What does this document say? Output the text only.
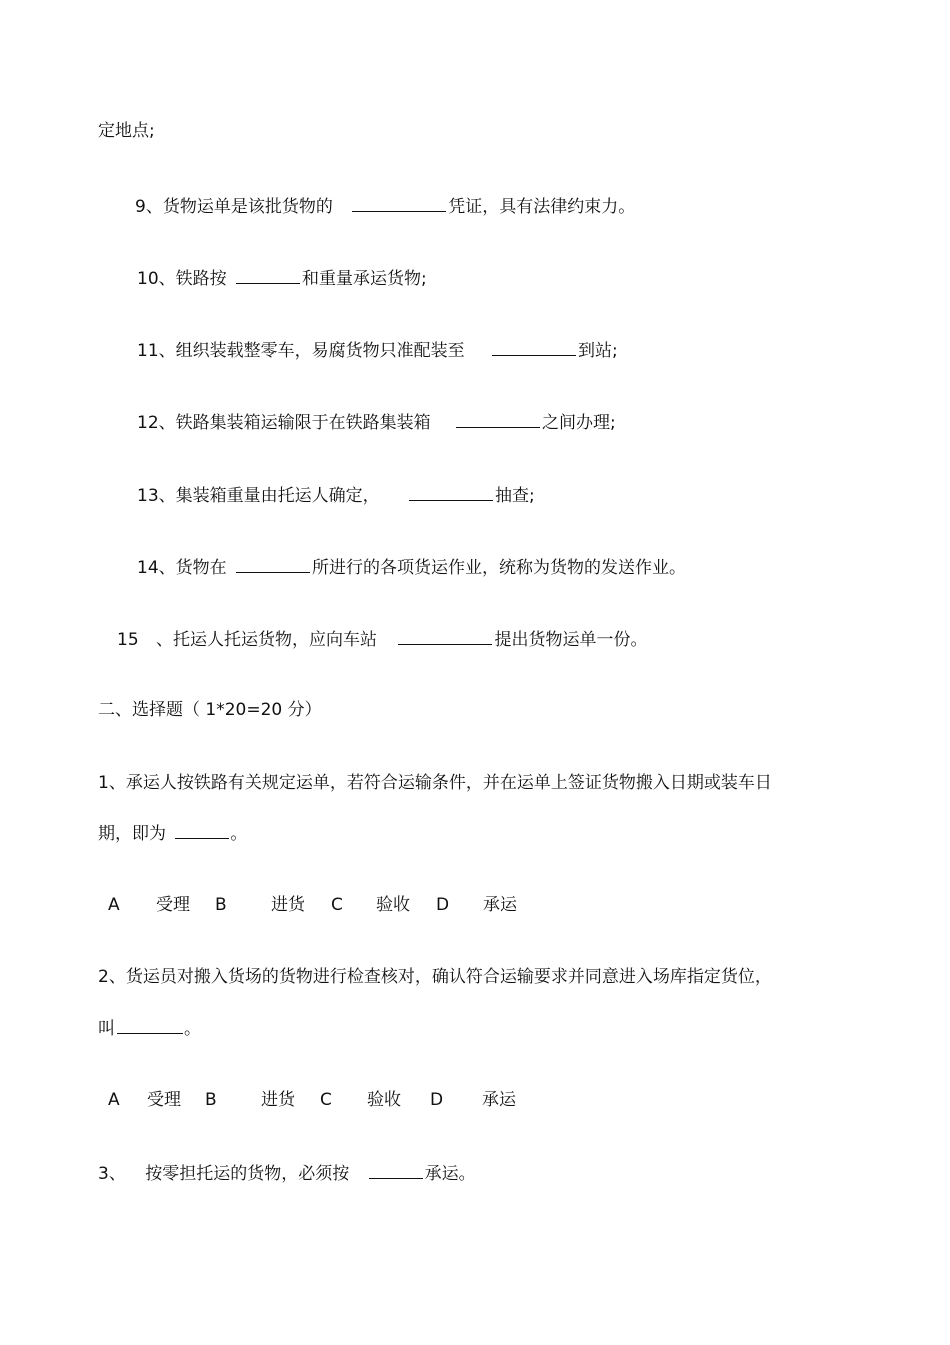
定地点;
9、货物运单是该批货物的	凭证，具有法律约束力。
10、铁路按	和重量承运货物;
11、组织装载整零车，易腐货物只准配装至	到站;
12、铁路集装箱运输限于在铁路集装箱	之间办理;
13、集装箱重量由托运人确定，	抽查;
14、货物在	所进行的各项货运作业，统称为货物的发送作业。
15 、托运人托运货物，应向车站	提出货物运单一份。
二、选择题（ 1*20=20 分）
1、承运人按铁路有关规定运单，若符合运输条件，并在运单上签证货物搬入日期或装车日
期，即为	。
A 受理 B	进货 C 验收 D 承运
2、货运员对搬入货场的货物进行检查核对，确认符合运输要求并同意进入场库指定货位，
叫	。
A 受理 B	进货 C 验收 D 承运
3、 按零担托运的货物，必须按	承运。
